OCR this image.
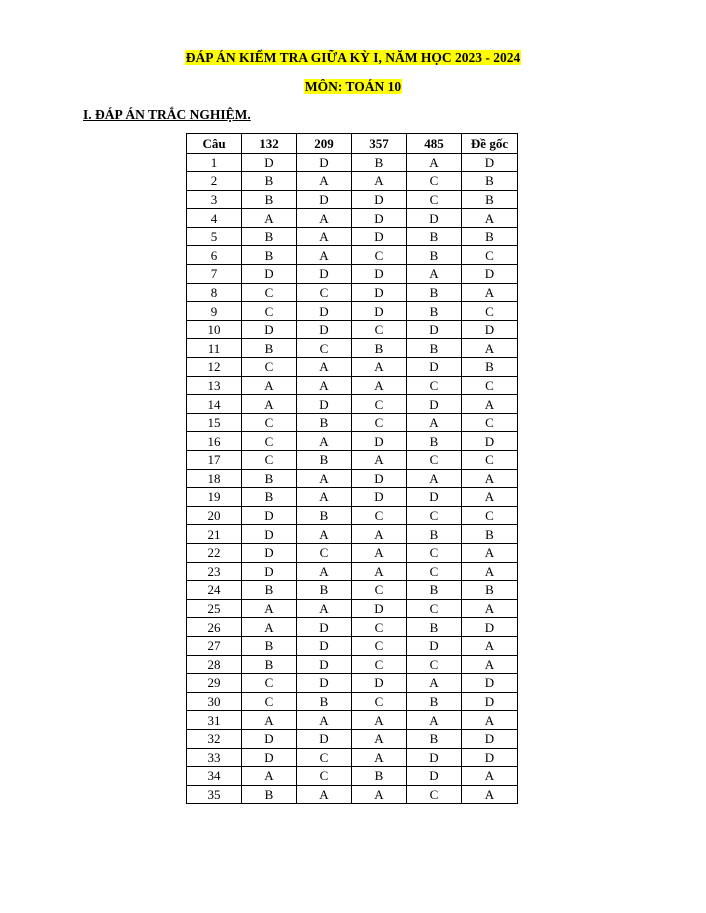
ĐÁP ÁN KIỂM TRA GIỮA KỲ I, NĂM HỌC 2023 - 2024
MÔN: TOÁN 10
I. ĐÁP ÁN TRẮC NGHIỆM.
Câu	132	209	357	485	Đề gốc
1	D	D	B	A	D
2	B	A	A	C	B
3	B	D	D	C	B
4	A	A	D	D	A
5	B	A	D	B	B
6	B	A	C	B	C
7	D	D	D	A	D
8	C	C	D	B	A
9	C	D	D	B	C
10	D	D	C	D	D
11	B	C	B	B	A
12	C	A	A	D	B
13	A	A	A	C	C
14	A	D	C	D	A
15	C	B	C	A	C
16	C	A	D	B	D
17	C	B	A	C	C
18	B	A	D	A	A
19	B	A	D	D	A
20	D	B	C	C	C
21	D	A	A	B	B
22	D	C	A	C	A
23	D	A	A	C	A
24	B	B	C	B	B
25	A	A	D	C	A
26	A	D	C	B	D
27	B	D	C	D	A
28	B	D	C	C	A
29	C	D	D	A	D
30	C	B	C	B	D
31	A	A	A	A	A
32	D	D	A	B	D
33	D	C	A	D	D
34	A	C	B	D	A
35	B	A	A	C	A
